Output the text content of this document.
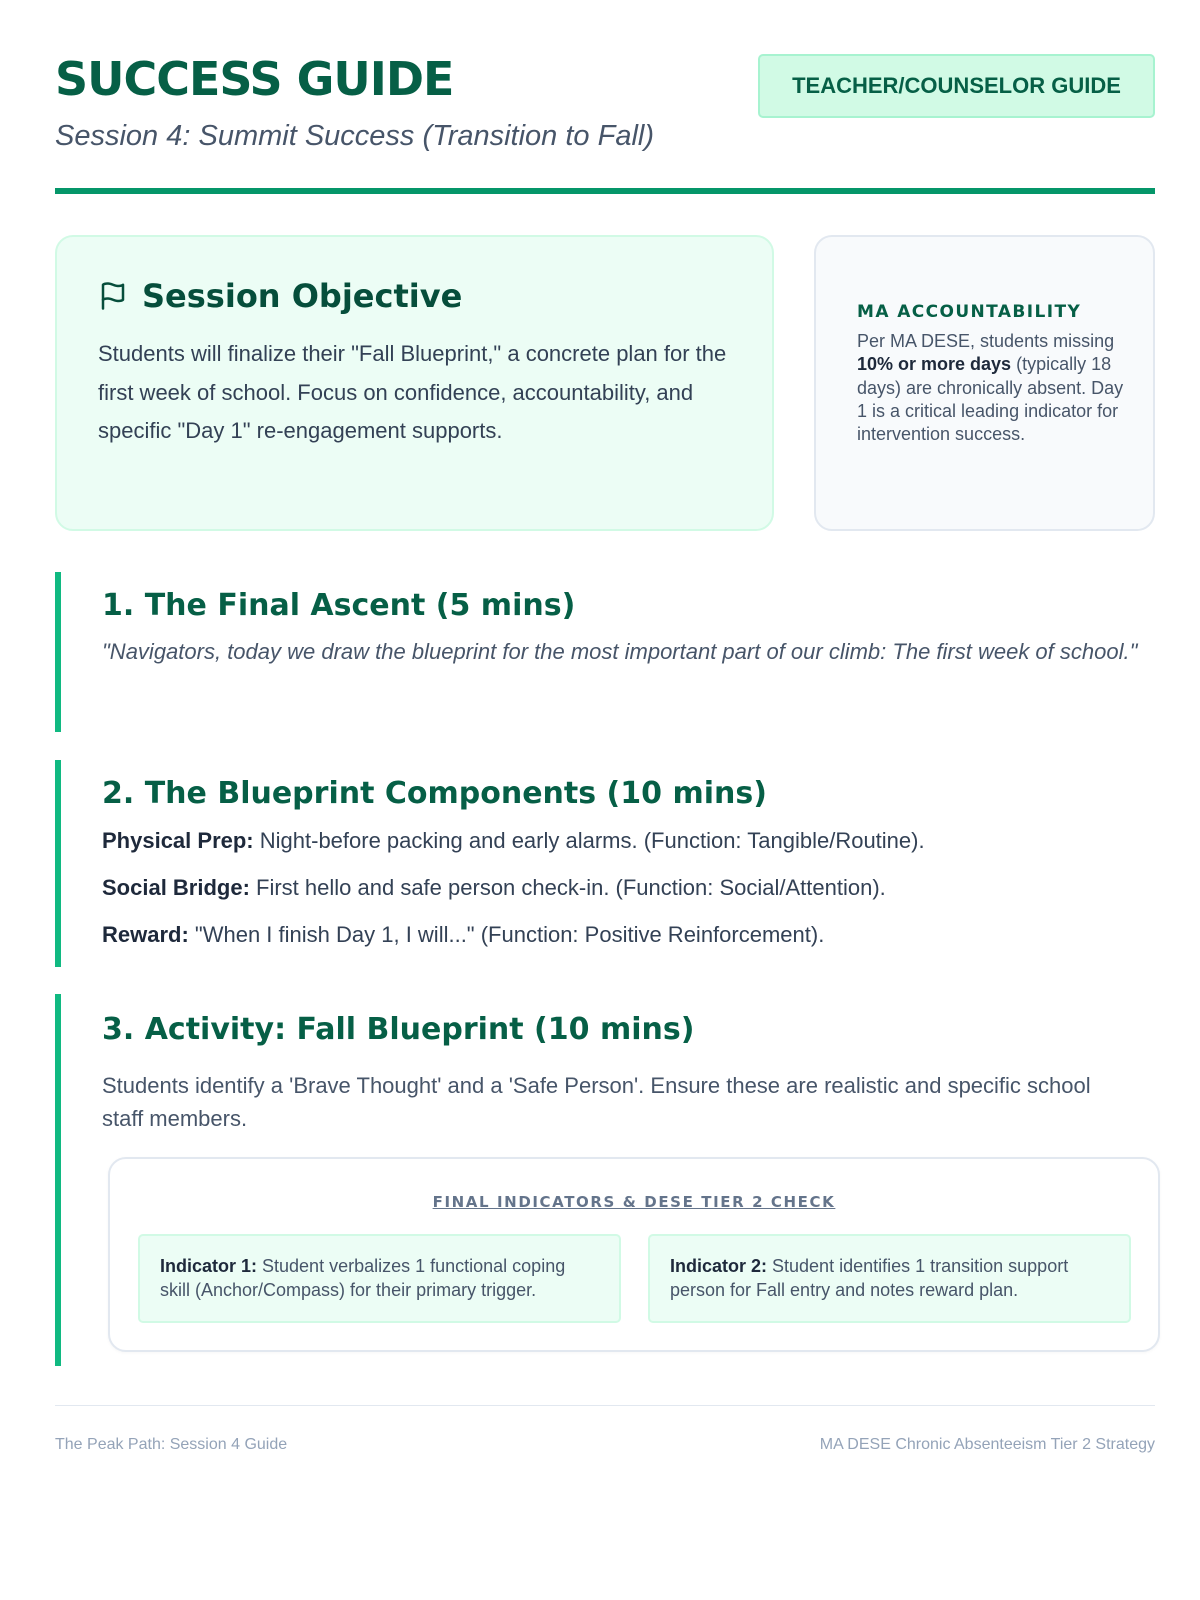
SUCCESS GUIDE
Session 4: Summit Success (Transition to Fall)
TEACHER/COUNSELOR GUIDE
Session Objective

Students will finalize their "Fall Blueprint," a concrete plan for the first week of school. Focus on confidence, accountability, and specific "Day 1" re-engagement supports.

MA ACCOUNTABILITY

Per MA DESE, students missing 10% or more days (typically 18 days) are chronically absent. Day 1 is a critical leading indicator for intervention success.

1. The Final Ascent (5 mins)

"Navigators, today we draw the blueprint for the most important part of our climb: The first week of school."

2. The Blueprint Components (10 mins)

Physical Prep: Night-before packing and early alarms. (Function: Tangible/Routine).

Social Bridge: First hello and safe person check-in. (Function: Social/Attention).

Reward: "When I finish Day 1, I will..." (Function: Positive Reinforcement).

3. Activity: Fall Blueprint (10 mins)

Students identify a 'Brave Thought' and a 'Safe Person'. Ensure these are realistic and specific school staff members.

FINAL INDICATORS & DESE TIER 2 CHECK
Indicator 1: Student verbalizes 1 functional coping skill (Anchor/Compass) for their primary trigger.
Indicator 2: Student identifies 1 transition support person for Fall entry and notes reward plan.
The Peak Path: Session 4 Guide	MA DESE Chronic Absenteeism Tier 2 Strategy
